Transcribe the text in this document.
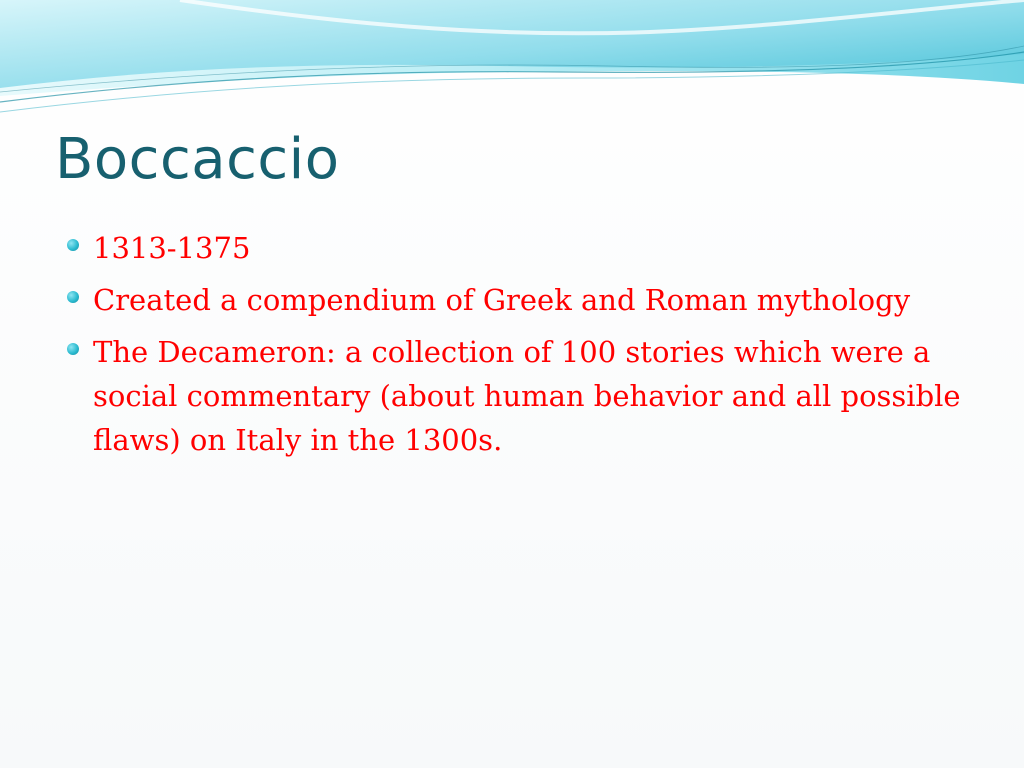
Boccaccio
1313-1375
Created a compendium of Greek and Roman mythology
The Decameron: a collection of 100 stories which were a social commentary (about human behavior and all possible flaws) on Italy in the 1300s.
